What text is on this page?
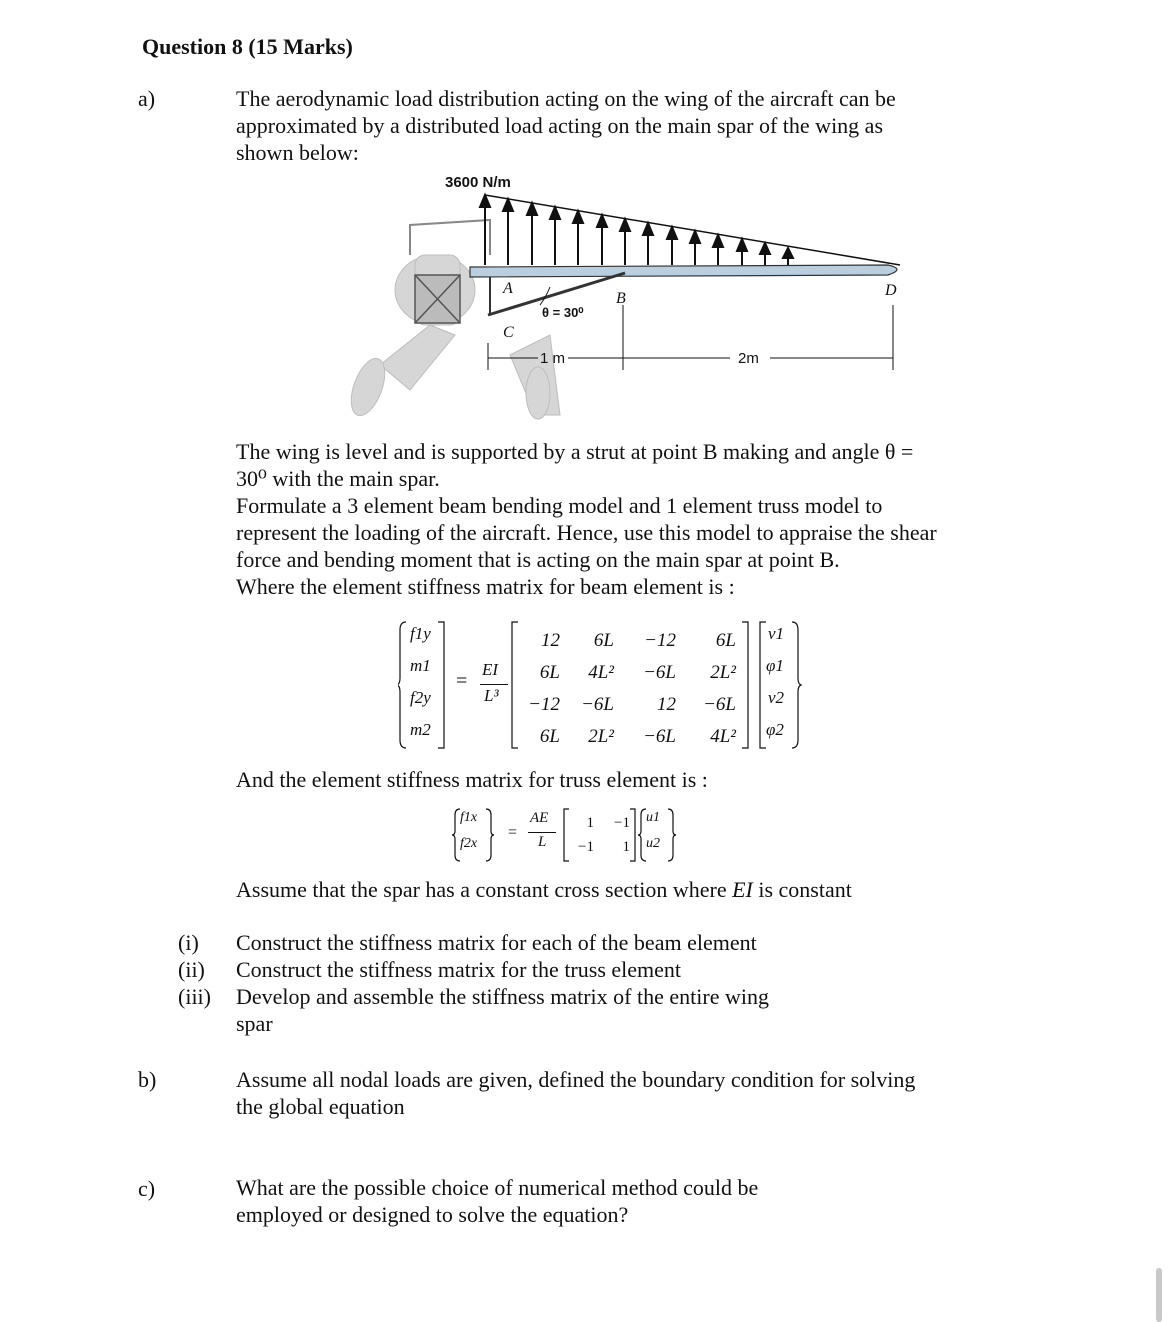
Question 8 (15 Marks)
a)	The aerodynamic load distribution acting on the wing of the aircraft can be
approximated by a distributed load acting on the main spar of the wing as
shown below:
3600 N/m
A
B
C
D
θ = 30⁰
1 m	2m
The wing is level and is supported by a strut at point B making and angle θ =
30⁰ with the main spar.
Formulate a 3 element beam bending model and 1 element truss model to
represent the loading of the aircraft. Hence, use this model to appraise the shear
force and bending moment that is acting on the main spar at point B.
Where the element stiffness matrix for beam element is :
f1y
m1
f2y
m2
=
EI
L³
12	6L	−12	6L
6L	4L²	−6L	2L²
−12	−6L	12	−6L
6L	2L²	−6L	4L²
v1
φ1
v2
φ2
And the element stiffness matrix for truss element is :
f1x
f2x
=
AE
L
1	−1
−1	1
u1
u2
Assume that the spar has a constant cross section where EI is constant
(i) Construct the stiffness matrix for each of the beam element
(ii) Construct the stiffness matrix for the truss element
(iii) Develop and assemble the stiffness matrix of the entire wing
spar
b)	Assume all nodal loads are given, defined the boundary condition for solving
the global equation
c)	What are the possible choice of numerical method could be
employed or designed to solve the equation?
